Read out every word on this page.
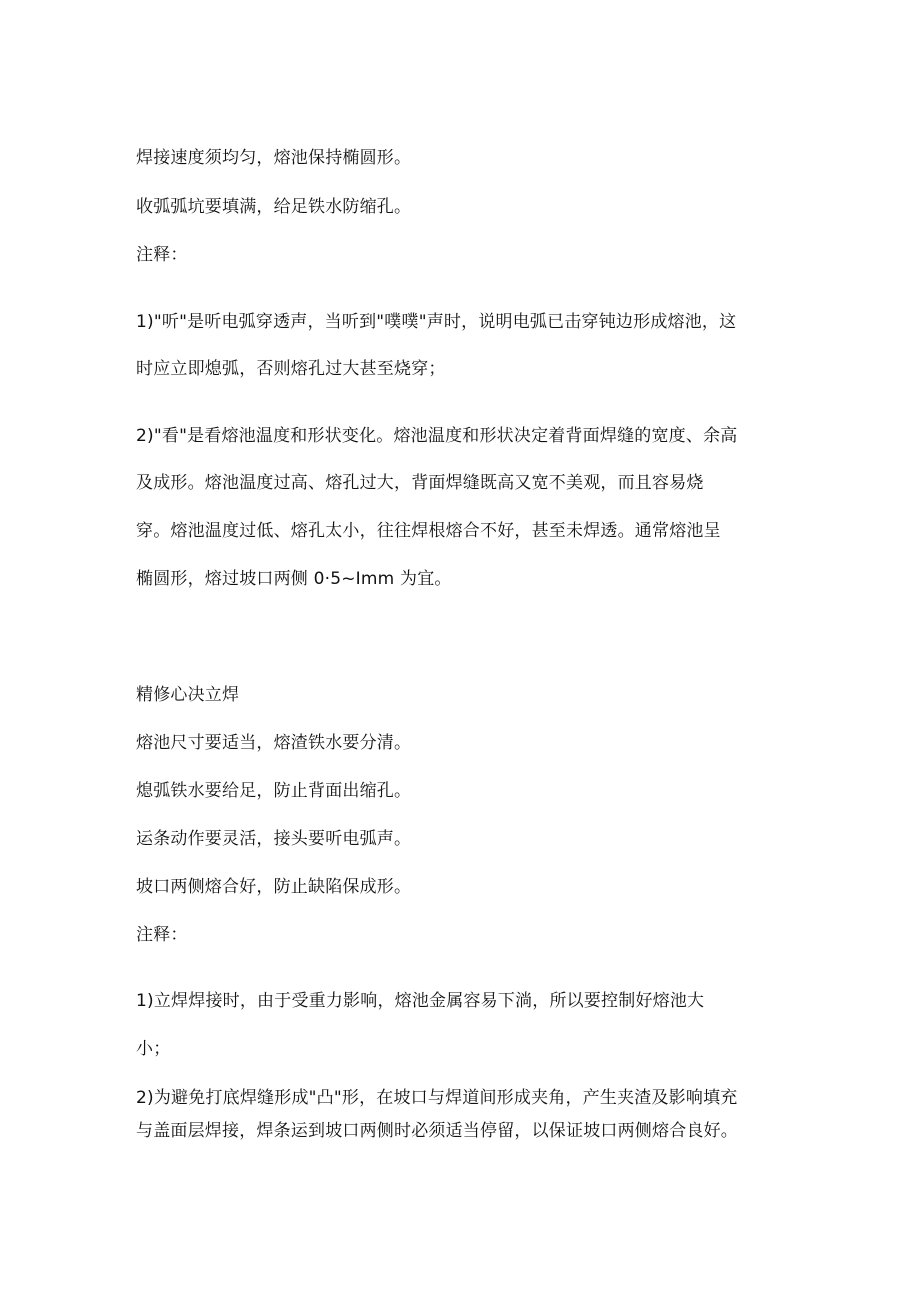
焊接速度须均匀，熔池保持椭圆形。
收弧弧坑要填满，给足铁水防缩孔。
注释：
1)"听"是听电弧穿透声，当听到"噗噗"声时，说明电弧已击穿钝边形成熔池，这
时应立即熄弧，否则熔孔过大甚至烧穿；
2)"看"是看熔池温度和形状变化。熔池温度和形状决定着背面焊缝的宽度、余高
及成形。熔池温度过高、熔孔过大，背面焊缝既高又宽不美观，而且容易烧
穿。熔池温度过低、熔孔太小，往往焊根熔合不好，甚至未焊透。通常熔池呈
椭圆形，熔过坡口两侧 0·5~Imm 为宜。
精修心决立焊
熔池尺寸要适当，熔渣铁水要分清。
熄弧铁水要给足，防止背面出缩孔。
运条动作要灵活，接头要听电弧声。
坡口两侧熔合好，防止缺陷保成形。
注释：
1)立焊焊接时，由于受重力影响，熔池金属容易下淌，所以要控制好熔池大
小；
2)为避免打底焊缝形成"凸"形，在坡口与焊道间形成夹角，产生夹渣及影响填充
与盖面层焊接，焊条运到坡口两侧时必须适当停留，以保证坡口两侧熔合良好。
